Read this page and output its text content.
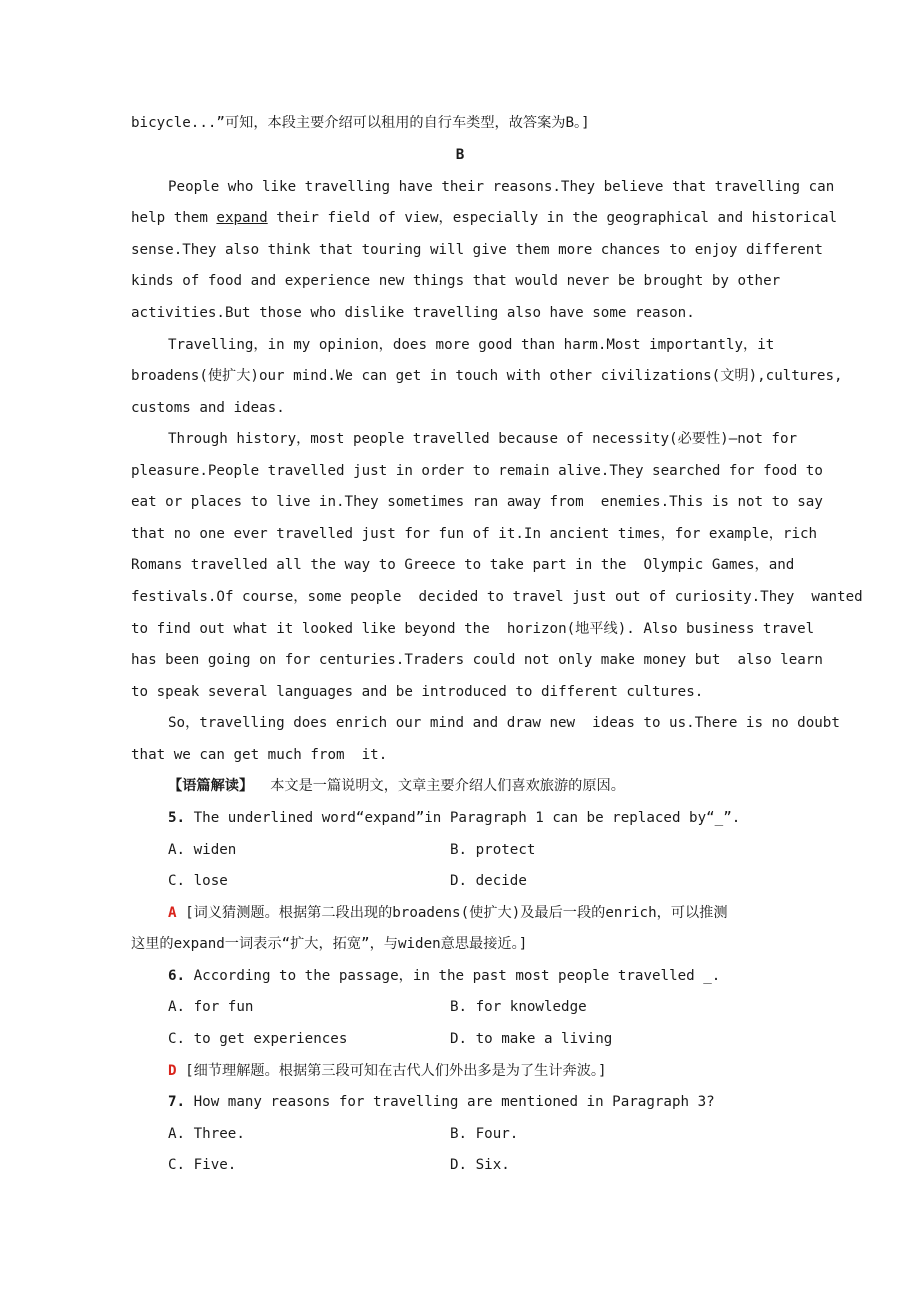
bicycle...”可知，本段主要介绍可以租用的自行车类型，故答案为B。]
B
People who like travelling have their reasons.They believe that travelling can
help them expand their field of view，especially in the geographical and historical
sense.They also think that touring will give them more chances to enjoy different
kinds of food and experience new things that would never be brought by other
activities.But those who dislike travelling also have some reason.
Travelling，in my opinion，does more good than harm.Most importantly，it
broadens(使扩大)our mind.We can get in touch with other civilizations(文明),cultures,
customs and ideas.
Through history，most people travelled because of necessity(必要性)—not for
pleasure.People travelled just in order to remain alive.They searched for food to
eat or places to live in.They sometimes ran away from  enemies.This is not to say
that no one ever travelled just for fun of it.In ancient times，for example，rich
Romans travelled all the way to Greece to take part in the  Olympic Games，and
festivals.Of course，some people  decided to travel just out of curiosity.They  wanted
to find out what it looked like beyond the  horizon(地平线). Also business travel
has been going on for centuries.Traders could not only make money but  also learn
to speak several languages and be introduced to different cultures.
So，travelling does enrich our mind and draw new  ideas to us.There is no doubt
that we can get much from  it.
【语篇解读】  本文是一篇说明文，文章主要介绍人们喜欢旅游的原因。
5. The underlined word“expand”in Paragraph 1 can be replaced by“_”.
A. widen	B. protect
C. lose	D. decide
A [词义猜测题。根据第二段出现的broadens(使扩大)及最后一段的enrich，可以推测
这里的expand一词表示“扩大，拓宽”，与widen意思最接近。]
6. According to the passage，in the past most people travelled _.
A. for fun	B. for knowledge
C. to get experiences	D. to make a living
D [细节理解题。根据第三段可知在古代人们外出多是为了生计奔波。]
7. How many reasons for travelling are mentioned in Paragraph 3?
A. Three.	B. Four.
C. Five.	D. Six.
